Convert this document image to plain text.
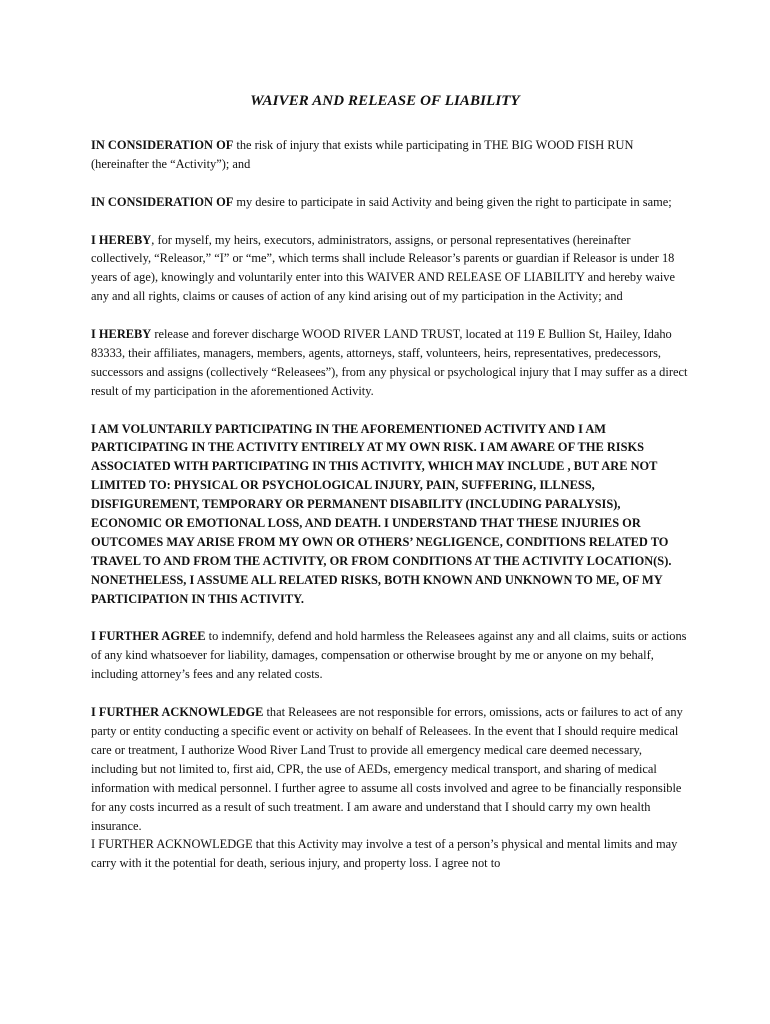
WAIVER AND RELEASE OF LIABILITY

IN CONSIDERATION OF the risk of injury that exists while participating in THE BIG WOOD FISH RUN (hereinafter the “Activity”); and

IN CONSIDERATION OF my desire to participate in said Activity and being given the right to participate in same;

I HEREBY, for myself, my heirs, executors, administrators, assigns, or personal representatives (hereinafter collectively, “Releasor,” “I” or “me”, which terms shall include Releasor’s parents or guardian if Releasor is under 18 years of age), knowingly and voluntarily enter into this WAIVER AND RELEASE OF LIABILITY and hereby waive any and all rights, claims or causes of action of any kind arising out of my participation in the Activity; and

I HEREBY release and forever discharge WOOD RIVER LAND TRUST, located at 119 E Bullion St, Hailey, Idaho 83333, their affiliates, managers, members, agents, attorneys, staff, volunteers, heirs, representatives, predecessors, successors and assigns (collectively “Releasees”), from any physical or psychological injury that I may suffer as a direct result of my participation in the aforementioned Activity.

I AM VOLUNTARILY PARTICIPATING IN THE AFOREMENTIONED ACTIVITY AND I AM PARTICIPATING IN THE ACTIVITY ENTIRELY AT MY OWN RISK. I AM AWARE OF THE RISKS ASSOCIATED WITH PARTICIPATING IN THIS ACTIVITY, WHICH MAY INCLUDE , BUT ARE NOT LIMITED TO: PHYSICAL OR PSYCHOLOGICAL INJURY, PAIN, SUFFERING, ILLNESS, DISFIGUREMENT, TEMPORARY OR PERMANENT DISABILITY (INCLUDING PARALYSIS), ECONOMIC OR EMOTIONAL LOSS, AND DEATH. I UNDERSTAND THAT THESE INJURIES OR OUTCOMES MAY ARISE FROM MY OWN OR OTHERS’ NEGLIGENCE, CONDITIONS RELATED TO TRAVEL TO AND FROM THE ACTIVITY, OR FROM CONDITIONS AT THE ACTIVITY LOCATION(S). NONETHELESS, I ASSUME ALL RELATED RISKS, BOTH KNOWN AND UNKNOWN TO ME, OF MY PARTICIPATION IN THIS ACTIVITY.

I FURTHER AGREE to indemnify, defend and hold harmless the Releasees against any and all claims, suits or actions of any kind whatsoever for liability, damages, compensation or otherwise brought by me or anyone on my behalf, including attorney’s fees and any related costs.

I FURTHER ACKNOWLEDGE that Releasees are not responsible for errors, omissions, acts or failures to act of any party or entity conducting a specific event or activity on behalf of Releasees. In the event that I should require medical care or treatment, I authorize Wood River Land Trust to provide all emergency medical care deemed necessary, including but not limited to, first aid, CPR, the use of AEDs, emergency medical transport, and sharing of medical information with medical personnel. I further agree to assume all costs involved and agree to be financially responsible for any costs incurred as a result of such treatment. I am aware and understand that I should carry my own health insurance.

I FURTHER ACKNOWLEDGE that this Activity may involve a test of a person’s physical and mental limits and may carry with it the potential for death, serious injury, and property loss. I agree not to
